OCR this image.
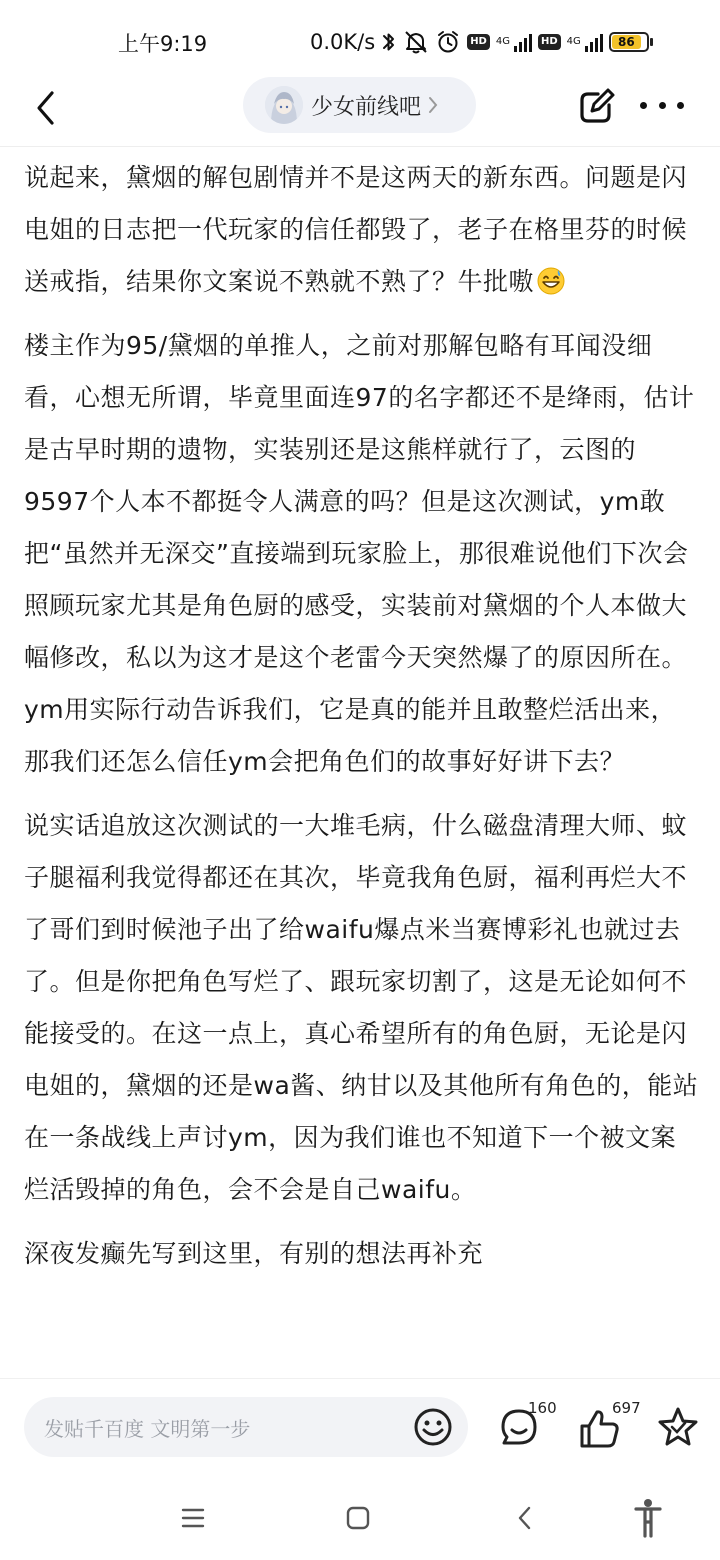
上午9:19	0.0K/s	HD 4G	HD 4G	86
少女前线吧

说起来，黛烟的解包剧情并不是这两天的新东西。问题是闪电姐的日志把一代玩家的信任都毁了，老子在格里芬的时候送戒指，结果你文案说不熟就不熟了？牛批嗷

楼主作为95/黛烟的单推人，之前对那解包略有耳闻没细看，心想无所谓，毕竟里面连97的名字都还不是绛雨，估计是古早时期的遗物，实装别还是这熊样就行了，云图的9597个人本不都挺令人满意的吗？但是这次测试，ym敢把“虽然并无深交”直接端到玩家脸上，那很难说他们下次会照顾玩家尤其是角色厨的感受，实装前对黛烟的个人本做大幅修改，私以为这才是这个老雷今天突然爆了的原因所在。ym用实际行动告诉我们，它是真的能并且敢整烂活出来，那我们还怎么信任ym会把角色们的故事好好讲下去？

说实话追放这次测试的一大堆毛病，什么磁盘清理大师、蚊子腿福利我觉得都还在其次，毕竟我角色厨，福利再烂大不了哥们到时候池子出了给waifu爆点米当赛博彩礼也就过去了。但是你把角色写烂了、跟玩家切割了，这是无论如何不能接受的。在这一点上，真心希望所有的角色厨，无论是闪电姐的，黛烟的还是wa酱、纳甘以及其他所有角色的，能站在一条战线上声讨ym，因为我们谁也不知道下一个被文案烂活毁掉的角色，会不会是自己waifu。

深夜发癫先写到这里，有别的想法再补充

发贴千百度 文明第一步
160	697
